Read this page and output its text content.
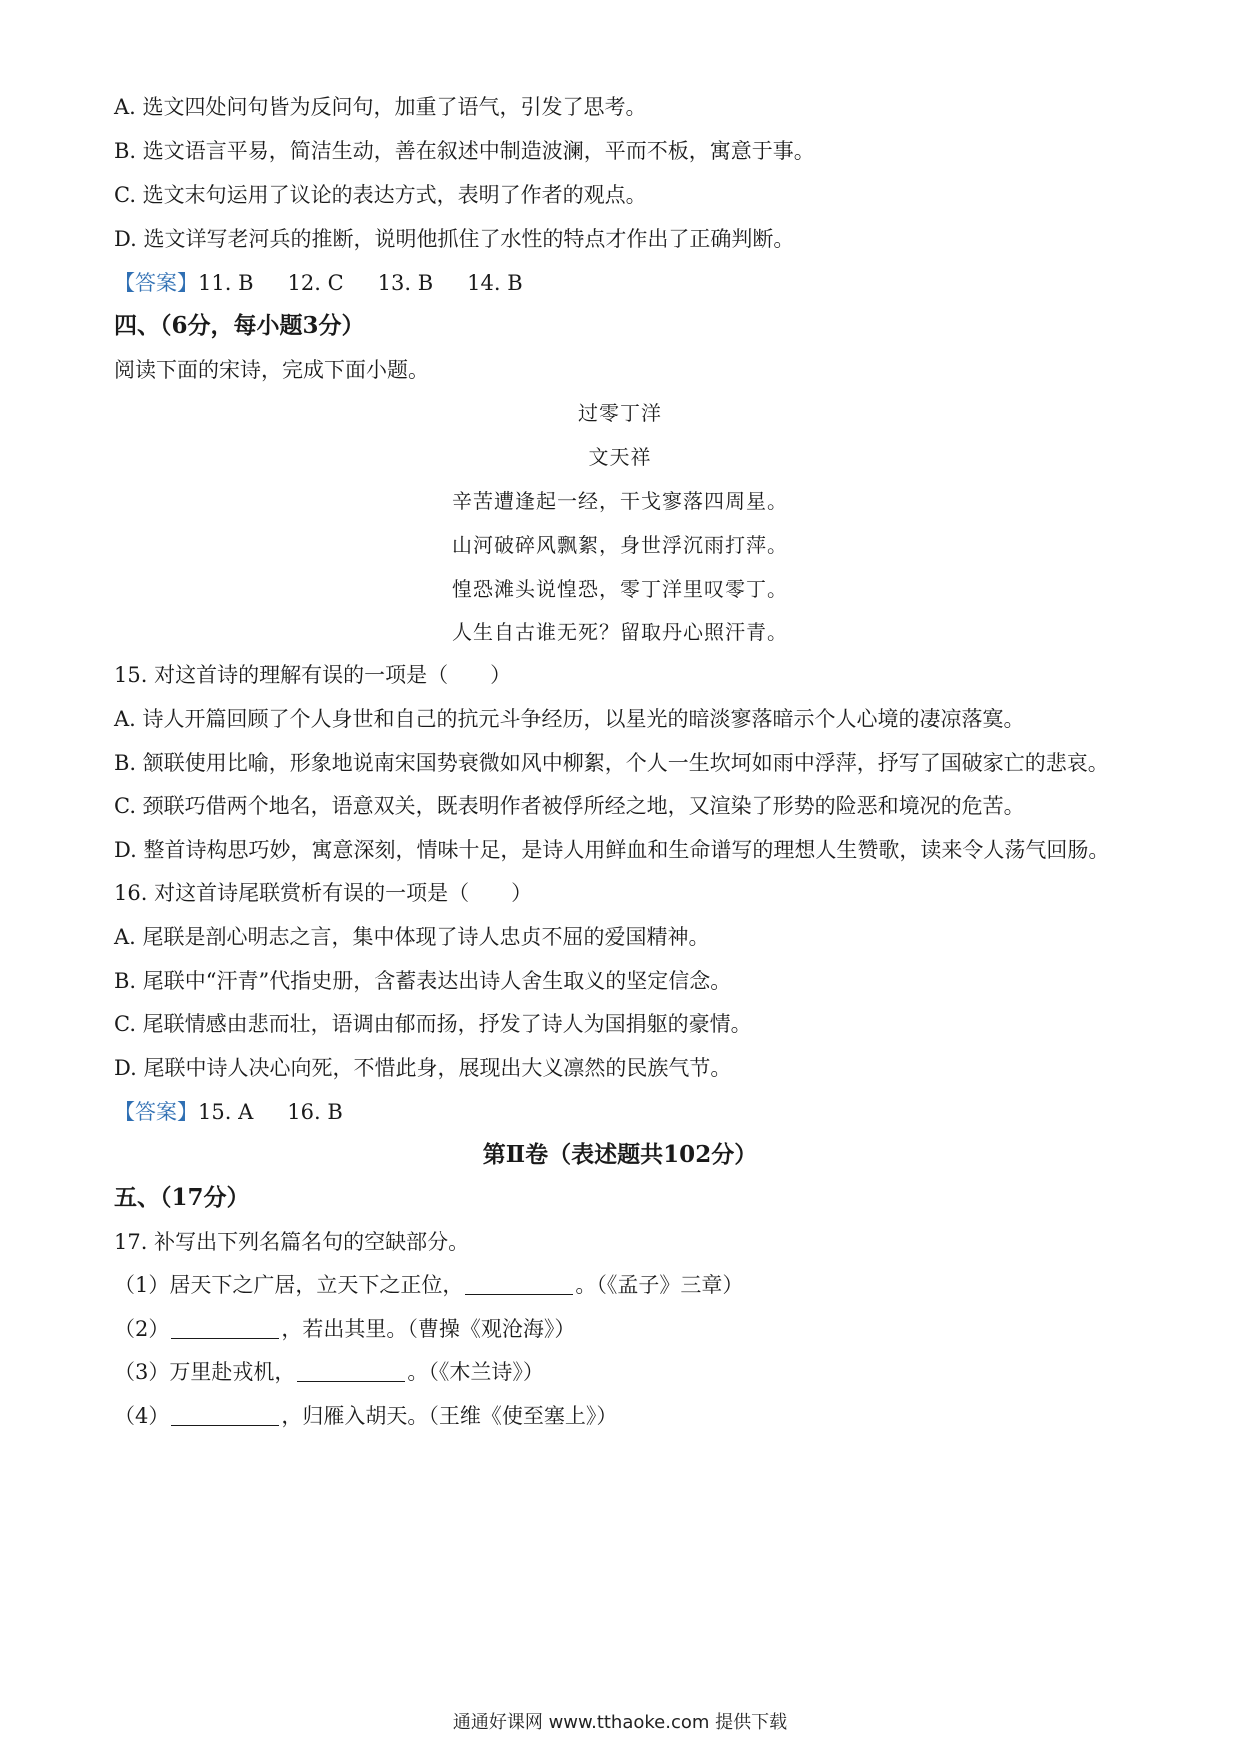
A. 选文四处问句皆为反问句，加重了语气，引发了思考。
B. 选文语言平易，简洁生动，善在叙述中制造波澜，平而不板，寓意于事。
C. 选文末句运用了议论的表达方式，表明了作者的观点。
D. 选文详写老河兵的推断，说明他抓住了水性的特点才作出了正确判断。
【答案】11. B 12. C 13. B 14. B
四、（6分，每小题3分）
阅读下面的宋诗，完成下面小题。
过零丁洋
文天祥
辛苦遭逢起一经，干戈寥落四周星。
山河破碎风飘絮，身世浮沉雨打萍。
惶恐滩头说惶恐，零丁洋里叹零丁。
人生自古谁无死？留取丹心照汗青。
15. 对这首诗的理解有误的一项是（　　）
A. 诗人开篇回顾了个人身世和自己的抗元斗争经历，以星光的暗淡寥落暗示个人心境的凄凉落寞。
B. 颔联使用比喻，形象地说南宋国势衰微如风中柳絮，个人一生坎坷如雨中浮萍，抒写了国破家亡的悲哀。
C. 颈联巧借两个地名，语意双关，既表明作者被俘所经之地，又渲染了形势的险恶和境况的危苦。
D. 整首诗构思巧妙，寓意深刻，情味十足，是诗人用鲜血和生命谱写的理想人生赞歌，读来令人荡气回肠。
16. 对这首诗尾联赏析有误的一项是（　　）
A. 尾联是剖心明志之言，集中体现了诗人忠贞不屈的爱国精神。
B. 尾联中“汗青”代指史册，含蓄表达出诗人舍生取义的坚定信念。
C. 尾联情感由悲而壮，语调由郁而扬，抒发了诗人为国捐躯的豪情。
D. 尾联中诗人决心向死，不惜此身，展现出大义凛然的民族气节。
【答案】15. A 16. B
第Ⅱ卷（表述题共102分）
五、（17分）
17. 补写出下列名篇名句的空缺部分。
（1）居天下之广居，立天下之正位，	。（《孟子》三章）
（2）	，若出其里。（曹操《观沧海》）
（3）万里赴戎机，	。（《木兰诗》）
（4）	，归雁入胡天。（王维《使至塞上》）
通通好课网 www.tthaoke.com 提供下载
